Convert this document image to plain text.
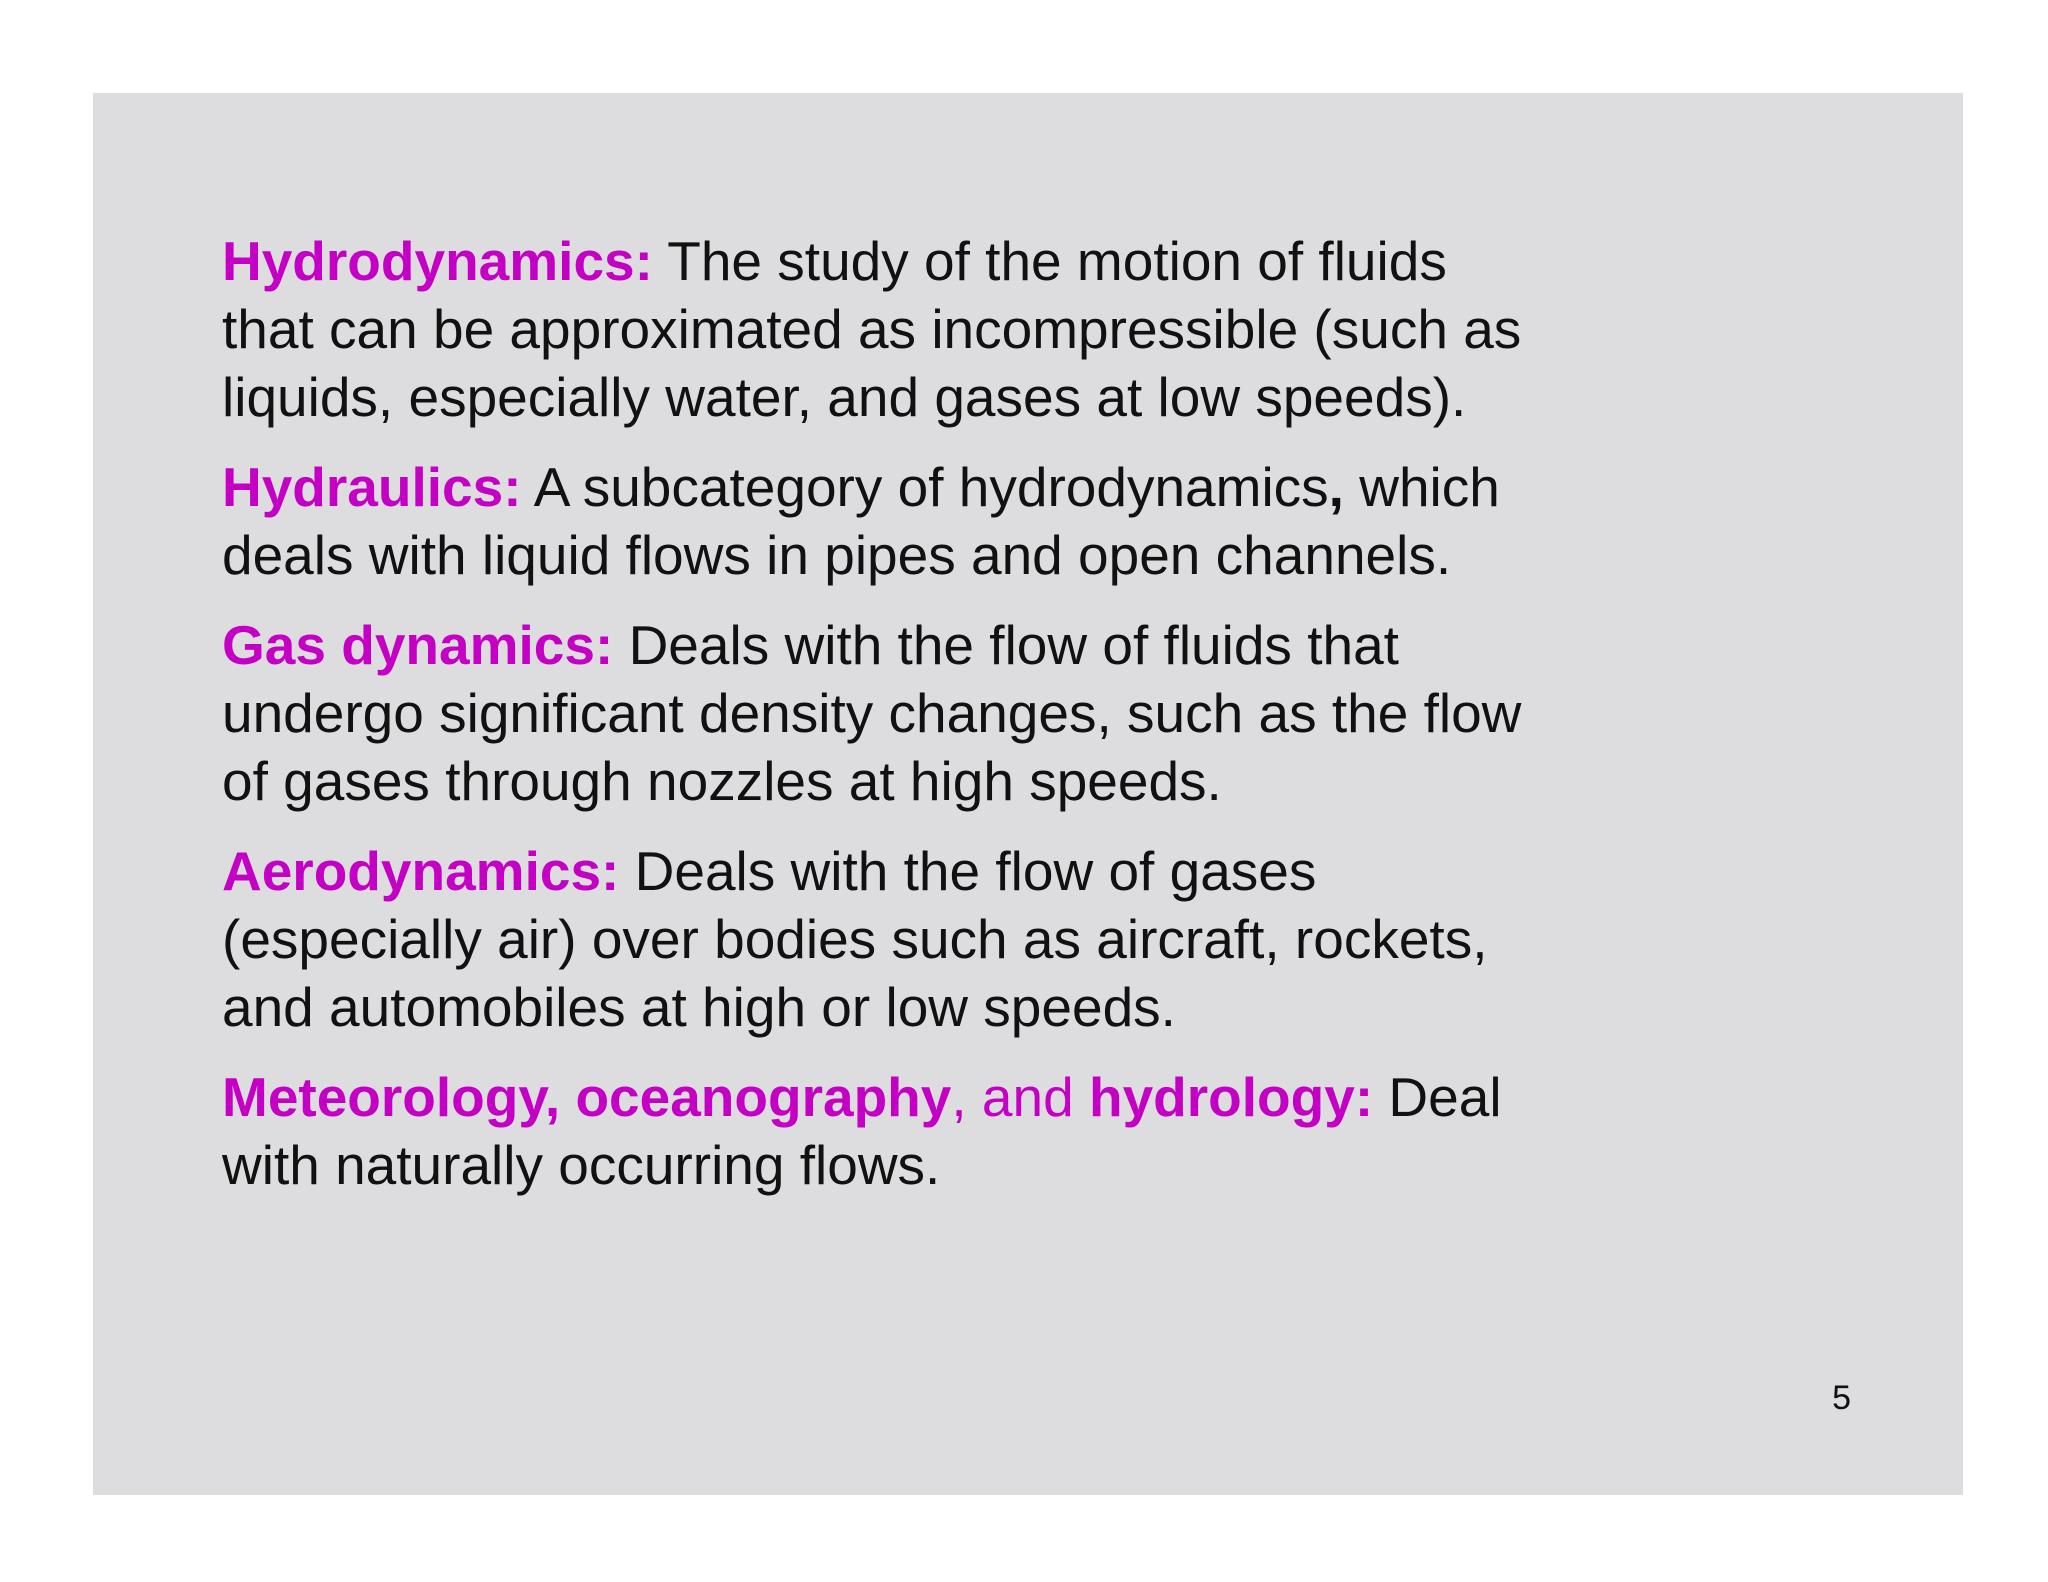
Hydrodynamics: The study of the motion of fluids
that can be approximated as incompressible (such as
liquids, especially water, and gases at low speeds).

Hydraulics: A subcategory of hydrodynamics, which
deals with liquid flows in pipes and open channels.

Gas dynamics: Deals with the flow of fluids that
undergo significant density changes, such as the flow
of gases through nozzles at high speeds.

Aerodynamics: Deals with the flow of gases
(especially air) over bodies such as aircraft, rockets,
and automobiles at high or low speeds.

Meteorology, oceanography, and hydrology: Deal
with naturally occurring flows.

5
